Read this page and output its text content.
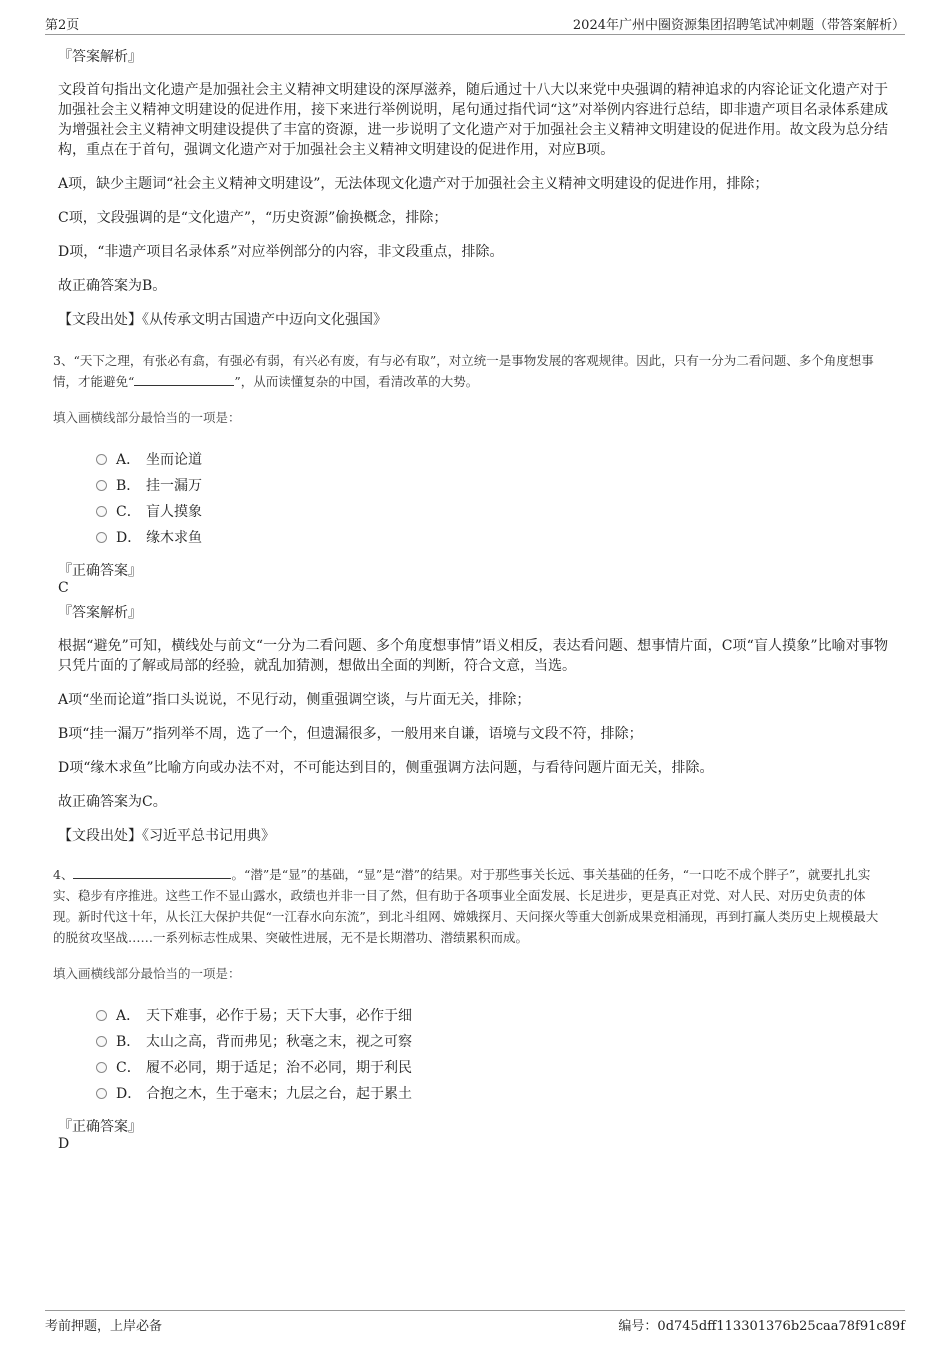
第2页	2024年广州中圈资源集团招聘笔试冲刺题（带答案解析）
『答案解析』
文段首句指出文化遗产是加强社会主义精神文明建设的深厚滋养，随后通过十八大以来党中央强调的精神追求的内容论证文化遗产对于加强社会主义精神文明建设的促进作用，接下来进行举例说明，尾句通过指代词“这”对举例内容进行总结，即非遗产项目名录体系建成为增强社会主义精神文明建设提供了丰富的资源，进一步说明了文化遗产对于加强社会主义精神文明建设的促进作用。故文段为总分结构，重点在于首句，强调文化遗产对于加强社会主义精神文明建设的促进作用，对应B项。
A项，缺少主题词“社会主义精神文明建设”，无法体现文化遗产对于加强社会主义精神文明建设的促进作用，排除；
C项，文段强调的是“文化遗产”，“历史资源”偷换概念，排除；
D项，“非遗产项目名录体系”对应举例部分的内容，非文段重点，排除。
故正确答案为B。
【文段出处】《从传承文明古国遗产中迈向文化强国》
3、“天下之理，有张必有翕，有强必有弱，有兴必有废，有与必有取”，对立统一是事物发展的客观规律。因此，只有一分为二看问题、多个角度想事情，才能避免“	”，从而读懂复杂的中国，看清改革的大势。
填入画横线部分最恰当的一项是：
A． 坐而论道
B． 挂一漏万
C． 盲人摸象
D． 缘木求鱼
『正确答案』
C
『答案解析』
根据“避免”可知，横线处与前文“一分为二看问题、多个角度想事情”语义相反，表达看问题、想事情片面，C项“盲人摸象”比喻对事物只凭片面的了解或局部的经验，就乱加猜测，想做出全面的判断，符合文意，当选。
A项“坐而论道”指口头说说，不见行动，侧重强调空谈，与片面无关，排除；
B项“挂一漏万”指列举不周，选了一个，但遗漏很多，一般用来自谦，语境与文段不符，排除；
D项“缘木求鱼”比喻方向或办法不对，不可能达到目的，侧重强调方法问题，与看待问题片面无关，排除。
故正确答案为C。
【文段出处】《习近平总书记用典》
4、	。“潜”是“显”的基础，“显”是“潜”的结果。对于那些事关长远、事关基础的任务，“一口吃不成个胖子”，就要扎扎实实、稳步有序推进。这些工作不显山露水，政绩也并非一目了然，但有助于各项事业全面发展、长足进步，更是真正对党、对人民、对历史负责的体现。新时代这十年，从长江大保护共促“一江春水向东流”，到北斗组网、嫦娥探月、天问探火等重大创新成果竞相涌现，再到打赢人类历史上规模最大的脱贫攻坚战……一系列标志性成果、突破性进展，无不是长期潜功、潜绩累积而成。
填入画横线部分最恰当的一项是：
A． 天下难事，必作于易；天下大事，必作于细
B． 太山之高，背而弗见；秋毫之末，视之可察
C． 履不必同，期于适足；治不必同，期于利民
D． 合抱之木，生于毫末；九层之台，起于累土
『正确答案』
D
考前押题，上岸必备	编号：0d745dff113301376b25caa78f91c89f
